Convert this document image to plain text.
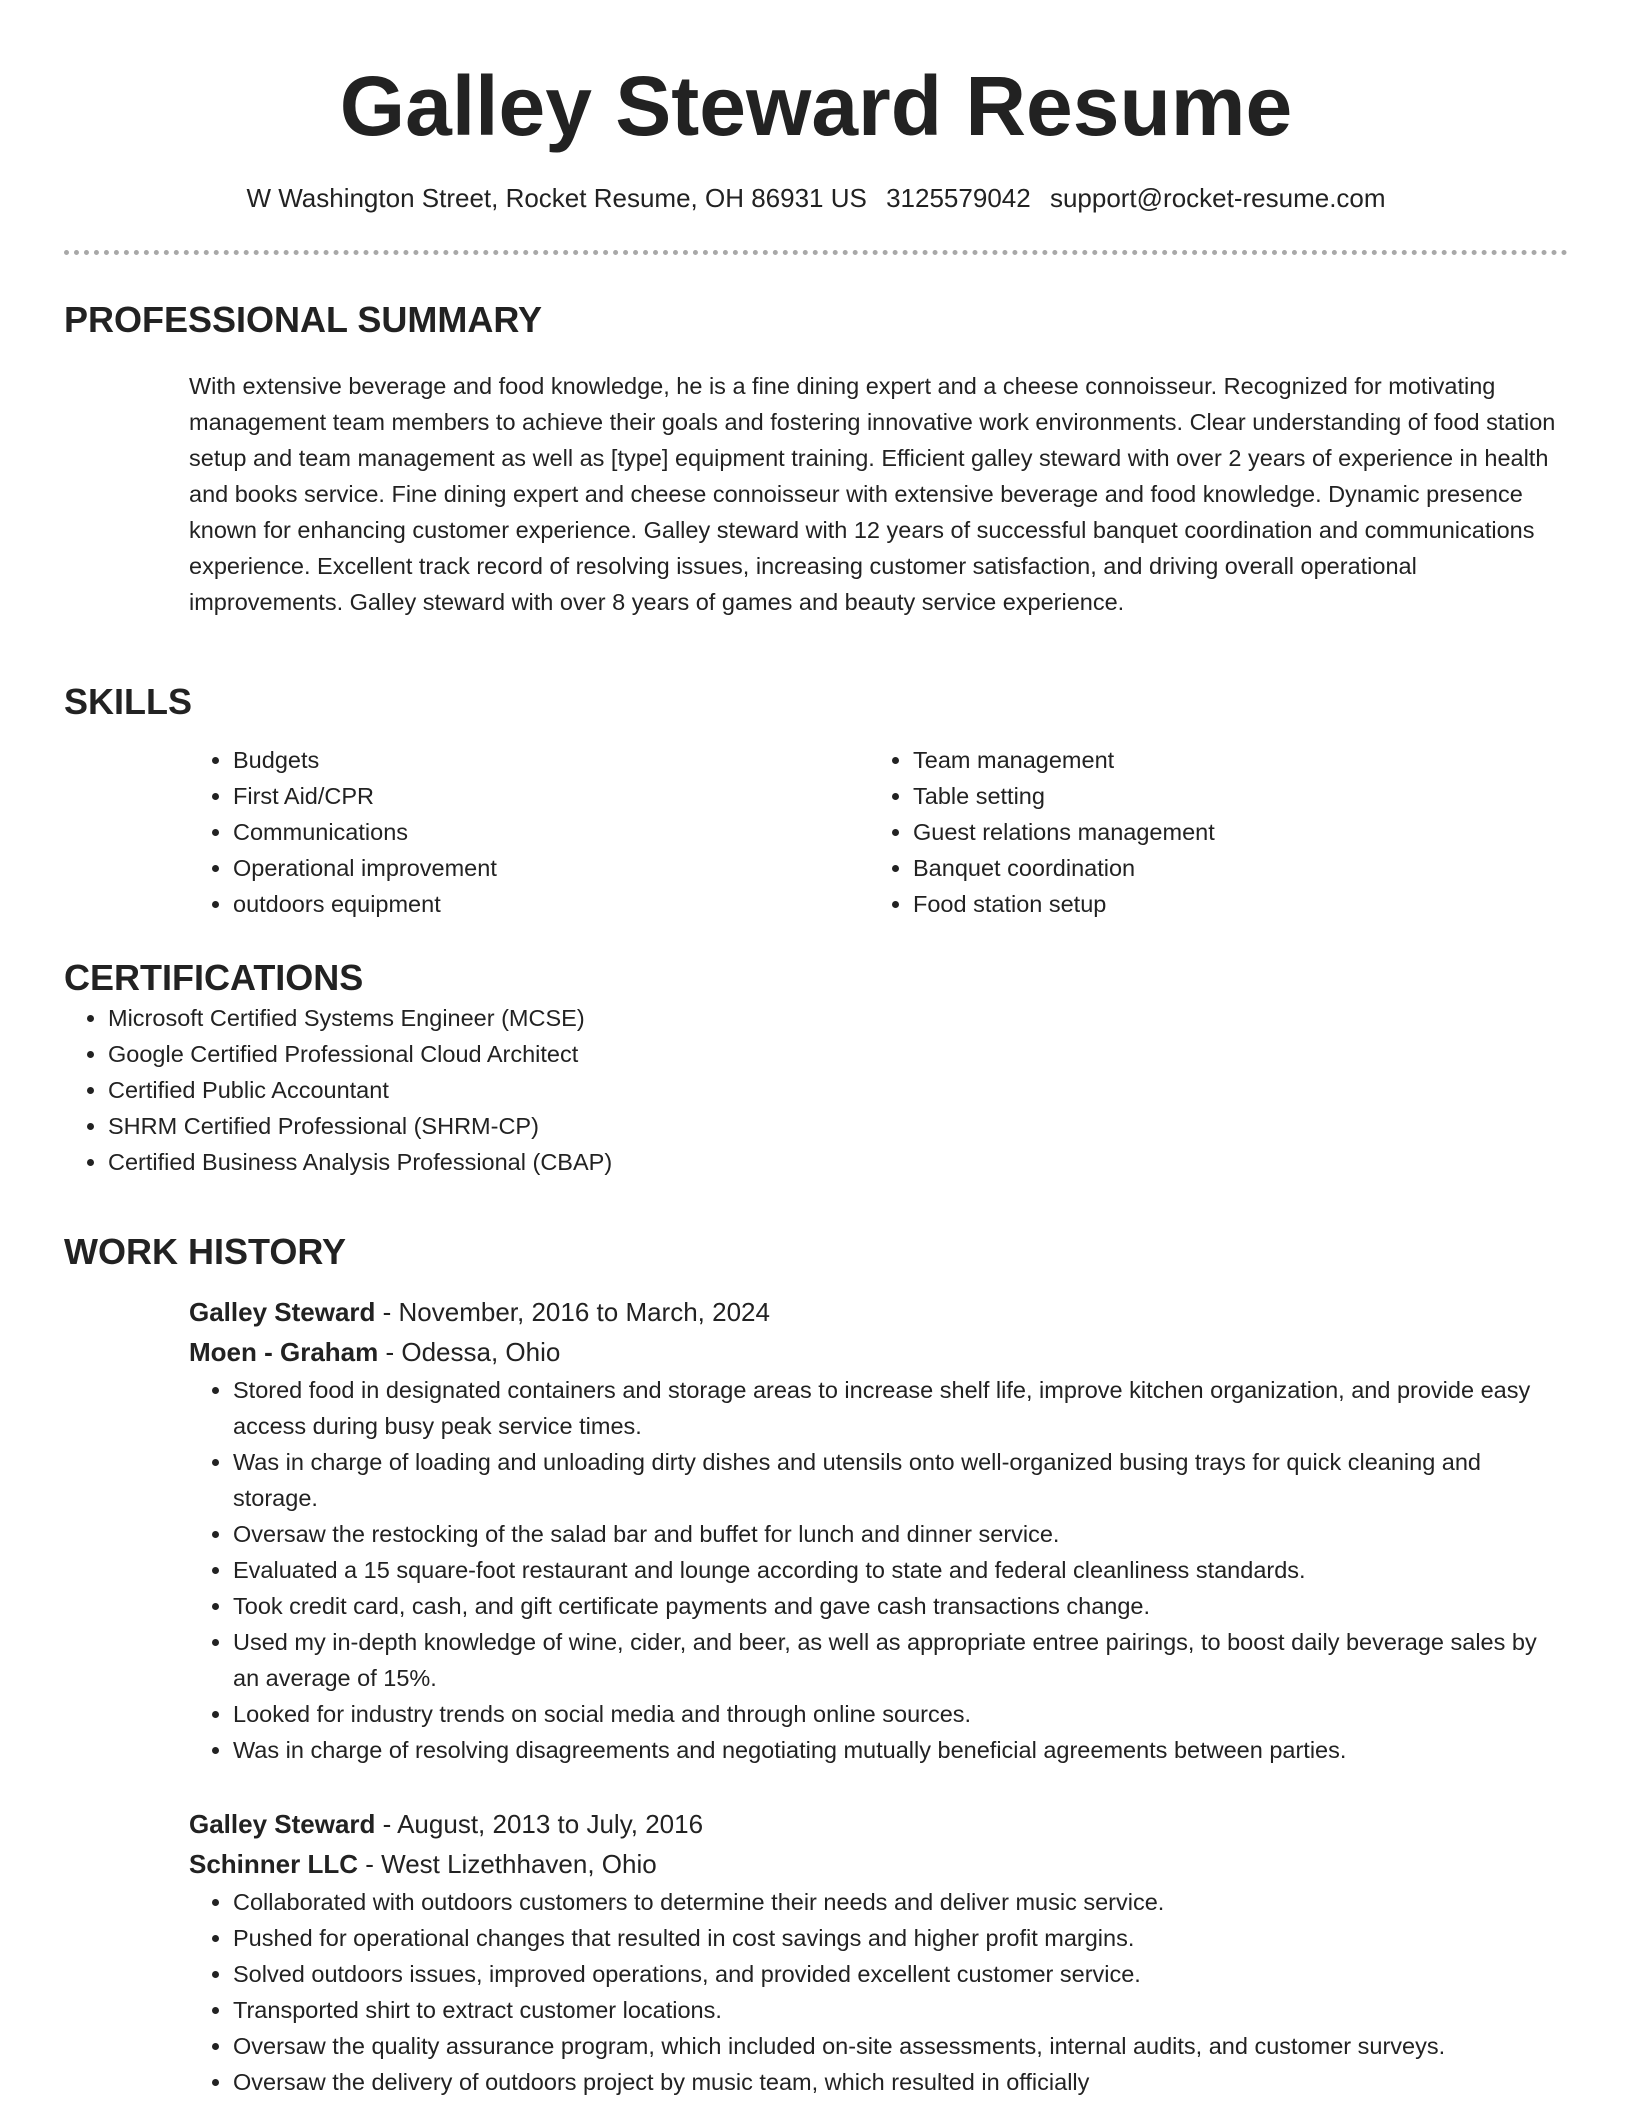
Galley Steward Resume
W Washington Street, Rocket Resume, OH 86931 US 3125579042 support@rocket-resume.com
PROFESSIONAL SUMMARY

With extensive beverage and food knowledge, he is a fine dining expert and a cheese connoisseur. Recognized for motivating management team members to achieve their goals and fostering innovative work environments. Clear understanding of food station setup and team management as well as [type] equipment training. Efficient galley steward with over 2 years of experience in health and books service. Fine dining expert and cheese connoisseur with extensive beverage and food knowledge. Dynamic presence known for enhancing customer experience. Galley steward with 12 years of successful banquet coordination and communications experience. Excellent track record of resolving issues, increasing customer satisfaction, and driving overall operational improvements. Galley steward with over 8 years of games and beauty service experience.

SKILLS
• Budgets
• First Aid/CPR
• Communications
• Operational improvement
• outdoors equipment
• Team management
• Table setting
• Guest relations management
• Banquet coordination
• Food station setup
CERTIFICATIONS
• Microsoft Certified Systems Engineer (MCSE)
• Google Certified Professional Cloud Architect
• Certified Public Accountant
• SHRM Certified Professional (SHRM-CP)
• Certified Business Analysis Professional (CBAP)
WORK HISTORY
Galley Steward - November, 2016 to March, 2024
Moen - Graham - Odessa, Ohio
• Stored food in designated containers and storage areas to increase shelf life, improve kitchen organization, and provide easy access during busy peak service times.
• Was in charge of loading and unloading dirty dishes and utensils onto well-organized busing trays for quick cleaning and storage.
• Oversaw the restocking of the salad bar and buffet for lunch and dinner service.
• Evaluated a 15 square-foot restaurant and lounge according to state and federal cleanliness standards.
• Took credit card, cash, and gift certificate payments and gave cash transactions change.
• Used my in-depth knowledge of wine, cider, and beer, as well as appropriate entree pairings, to boost daily beverage sales by an average of 15%.
• Looked for industry trends on social media and through online sources.
• Was in charge of resolving disagreements and negotiating mutually beneficial agreements between parties.
Galley Steward - August, 2013 to July, 2016
Schinner LLC - West Lizethhaven, Ohio
• Collaborated with outdoors customers to determine their needs and deliver music service.
• Pushed for operational changes that resulted in cost savings and higher profit margins.
• Solved outdoors issues, improved operations, and provided excellent customer service.
• Transported shirt to extract customer locations.
• Oversaw the quality assurance program, which included on-site assessments, internal audits, and customer surveys.
• Oversaw the delivery of outdoors project by music team, which resulted in officially
